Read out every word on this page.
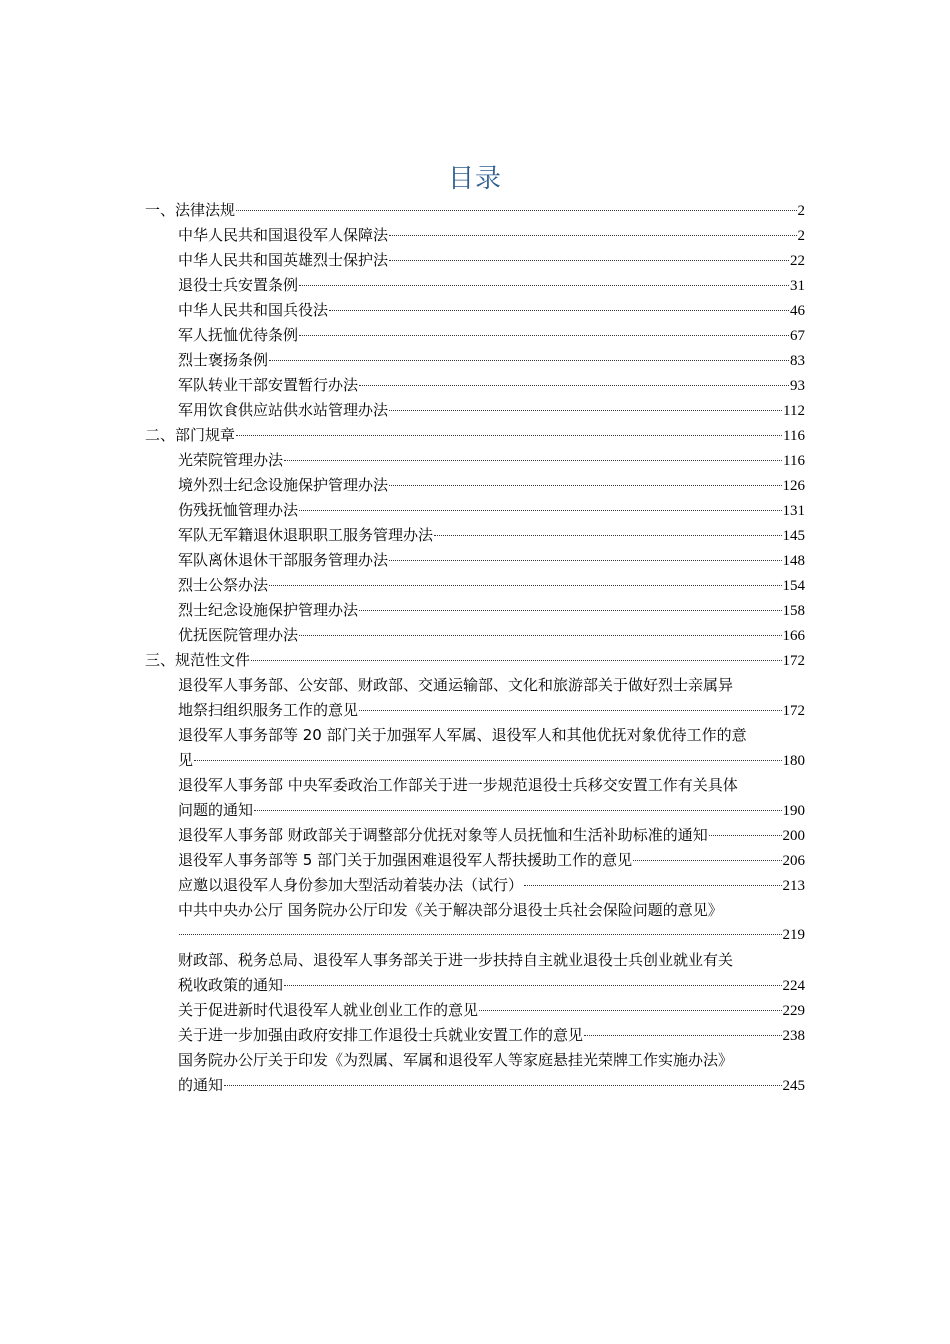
目录
一、法律法规	2
中华人民共和国退役军人保障法	2
中华人民共和国英雄烈士保护法	22
退役士兵安置条例	31
中华人民共和国兵役法	46
军人抚恤优待条例	67
烈士褒扬条例	83
军队转业干部安置暂行办法	93
军用饮食供应站供水站管理办法	112
二、部门规章	116
光荣院管理办法	116
境外烈士纪念设施保护管理办法	126
伤残抚恤管理办法	131
军队无军籍退休退职职工服务管理办法	145
军队离休退休干部服务管理办法	148
烈士公祭办法	154
烈士纪念设施保护管理办法	158
优抚医院管理办法	166
三、规范性文件	172
退役军人事务部、公安部、财政部、交通运输部、文化和旅游部关于做好烈士亲属异
地祭扫组织服务工作的意见	172
退役军人事务部等 20 部门关于加强军人军属、退役军人和其他优抚对象优待工作的意
见	180
退役军人事务部 中央军委政治工作部关于进一步规范退役士兵移交安置工作有关具体
问题的通知	190
退役军人事务部 财政部关于调整部分优抚对象等人员抚恤和生活补助标准的通知	200
退役军人事务部等 5 部门关于加强困难退役军人帮扶援助工作的意见	206
应邀以退役军人身份参加大型活动着装办法（试行）	213
中共中央办公厅 国务院办公厅印发《关于解决部分退役士兵社会保险问题的意见》
219
财政部、税务总局、退役军人事务部关于进一步扶持自主就业退役士兵创业就业有关
税收政策的通知	224
关于促进新时代退役军人就业创业工作的意见	229
关于进一步加强由政府安排工作退役士兵就业安置工作的意见	238
国务院办公厅关于印发《为烈属、军属和退役军人等家庭悬挂光荣牌工作实施办法》
的通知	245
